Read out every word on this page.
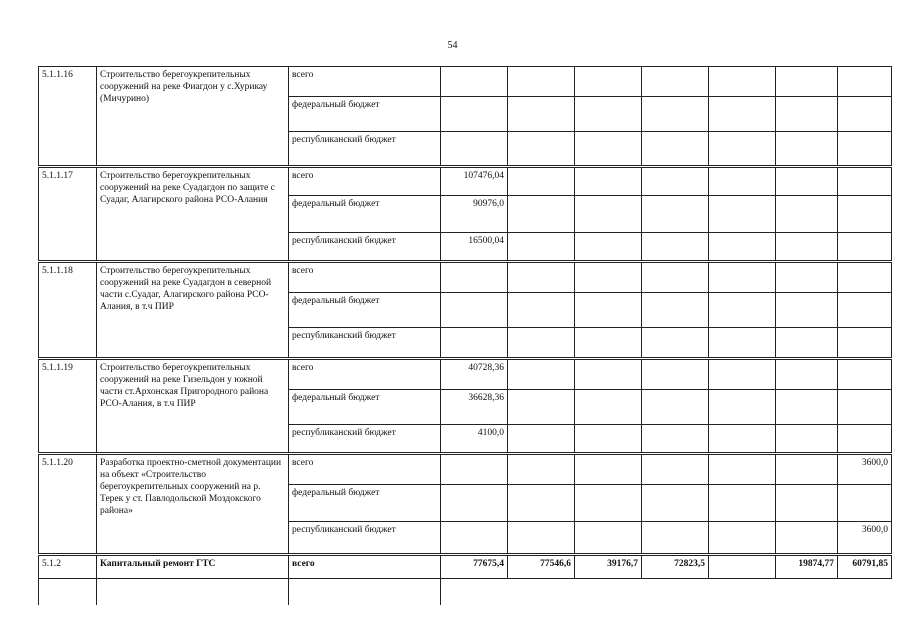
54
5.1.1.16	Строительство берегоукрепительных сооружений на реке Фиагдон у с.Хурикау (Мичурино)	всего							
		федеральный бюджет							
		республиканский бюджет							
5.1.1.17	Строительство берегоукрепительных сооружений на реке Суадагдон по защите с Суадаг, Алагирского района РСО-Алания	всего	107476,04						
		федеральный бюджет	90976,0						
		республиканский бюджет	16500,04						
5.1.1.18	Строительство берегоукрепительных сооружений на реке Суадагдон в северной части с.Суадаг, Алагирского района РСО-Алания, в т.ч ПИР	всего							
		федеральный бюджет							
		республиканский бюджет							
5.1.1.19	Строительство берегоукрепительных сооружений на реке Гизельдон у южной части ст.Архонская Пригородного района РСО-Алания, в т.ч ПИР	всего	40728,36						
		федеральный бюджет	36628,36						
		республиканский бюджет	4100,0						
5.1.1.20	Разработка проектно-сметной документации на объект «Строительство берегоукрепительных сооружений на р. Терек у ст. Павлодольской Моздокского района»	всего							3600,0
		федеральный бюджет							
		республиканский бюджет							3600,0
5.1.2	Капитальный ремонт ГТС	всего	77675,4	77546,6	39176,7	72823,5		19874,77	60791,85
